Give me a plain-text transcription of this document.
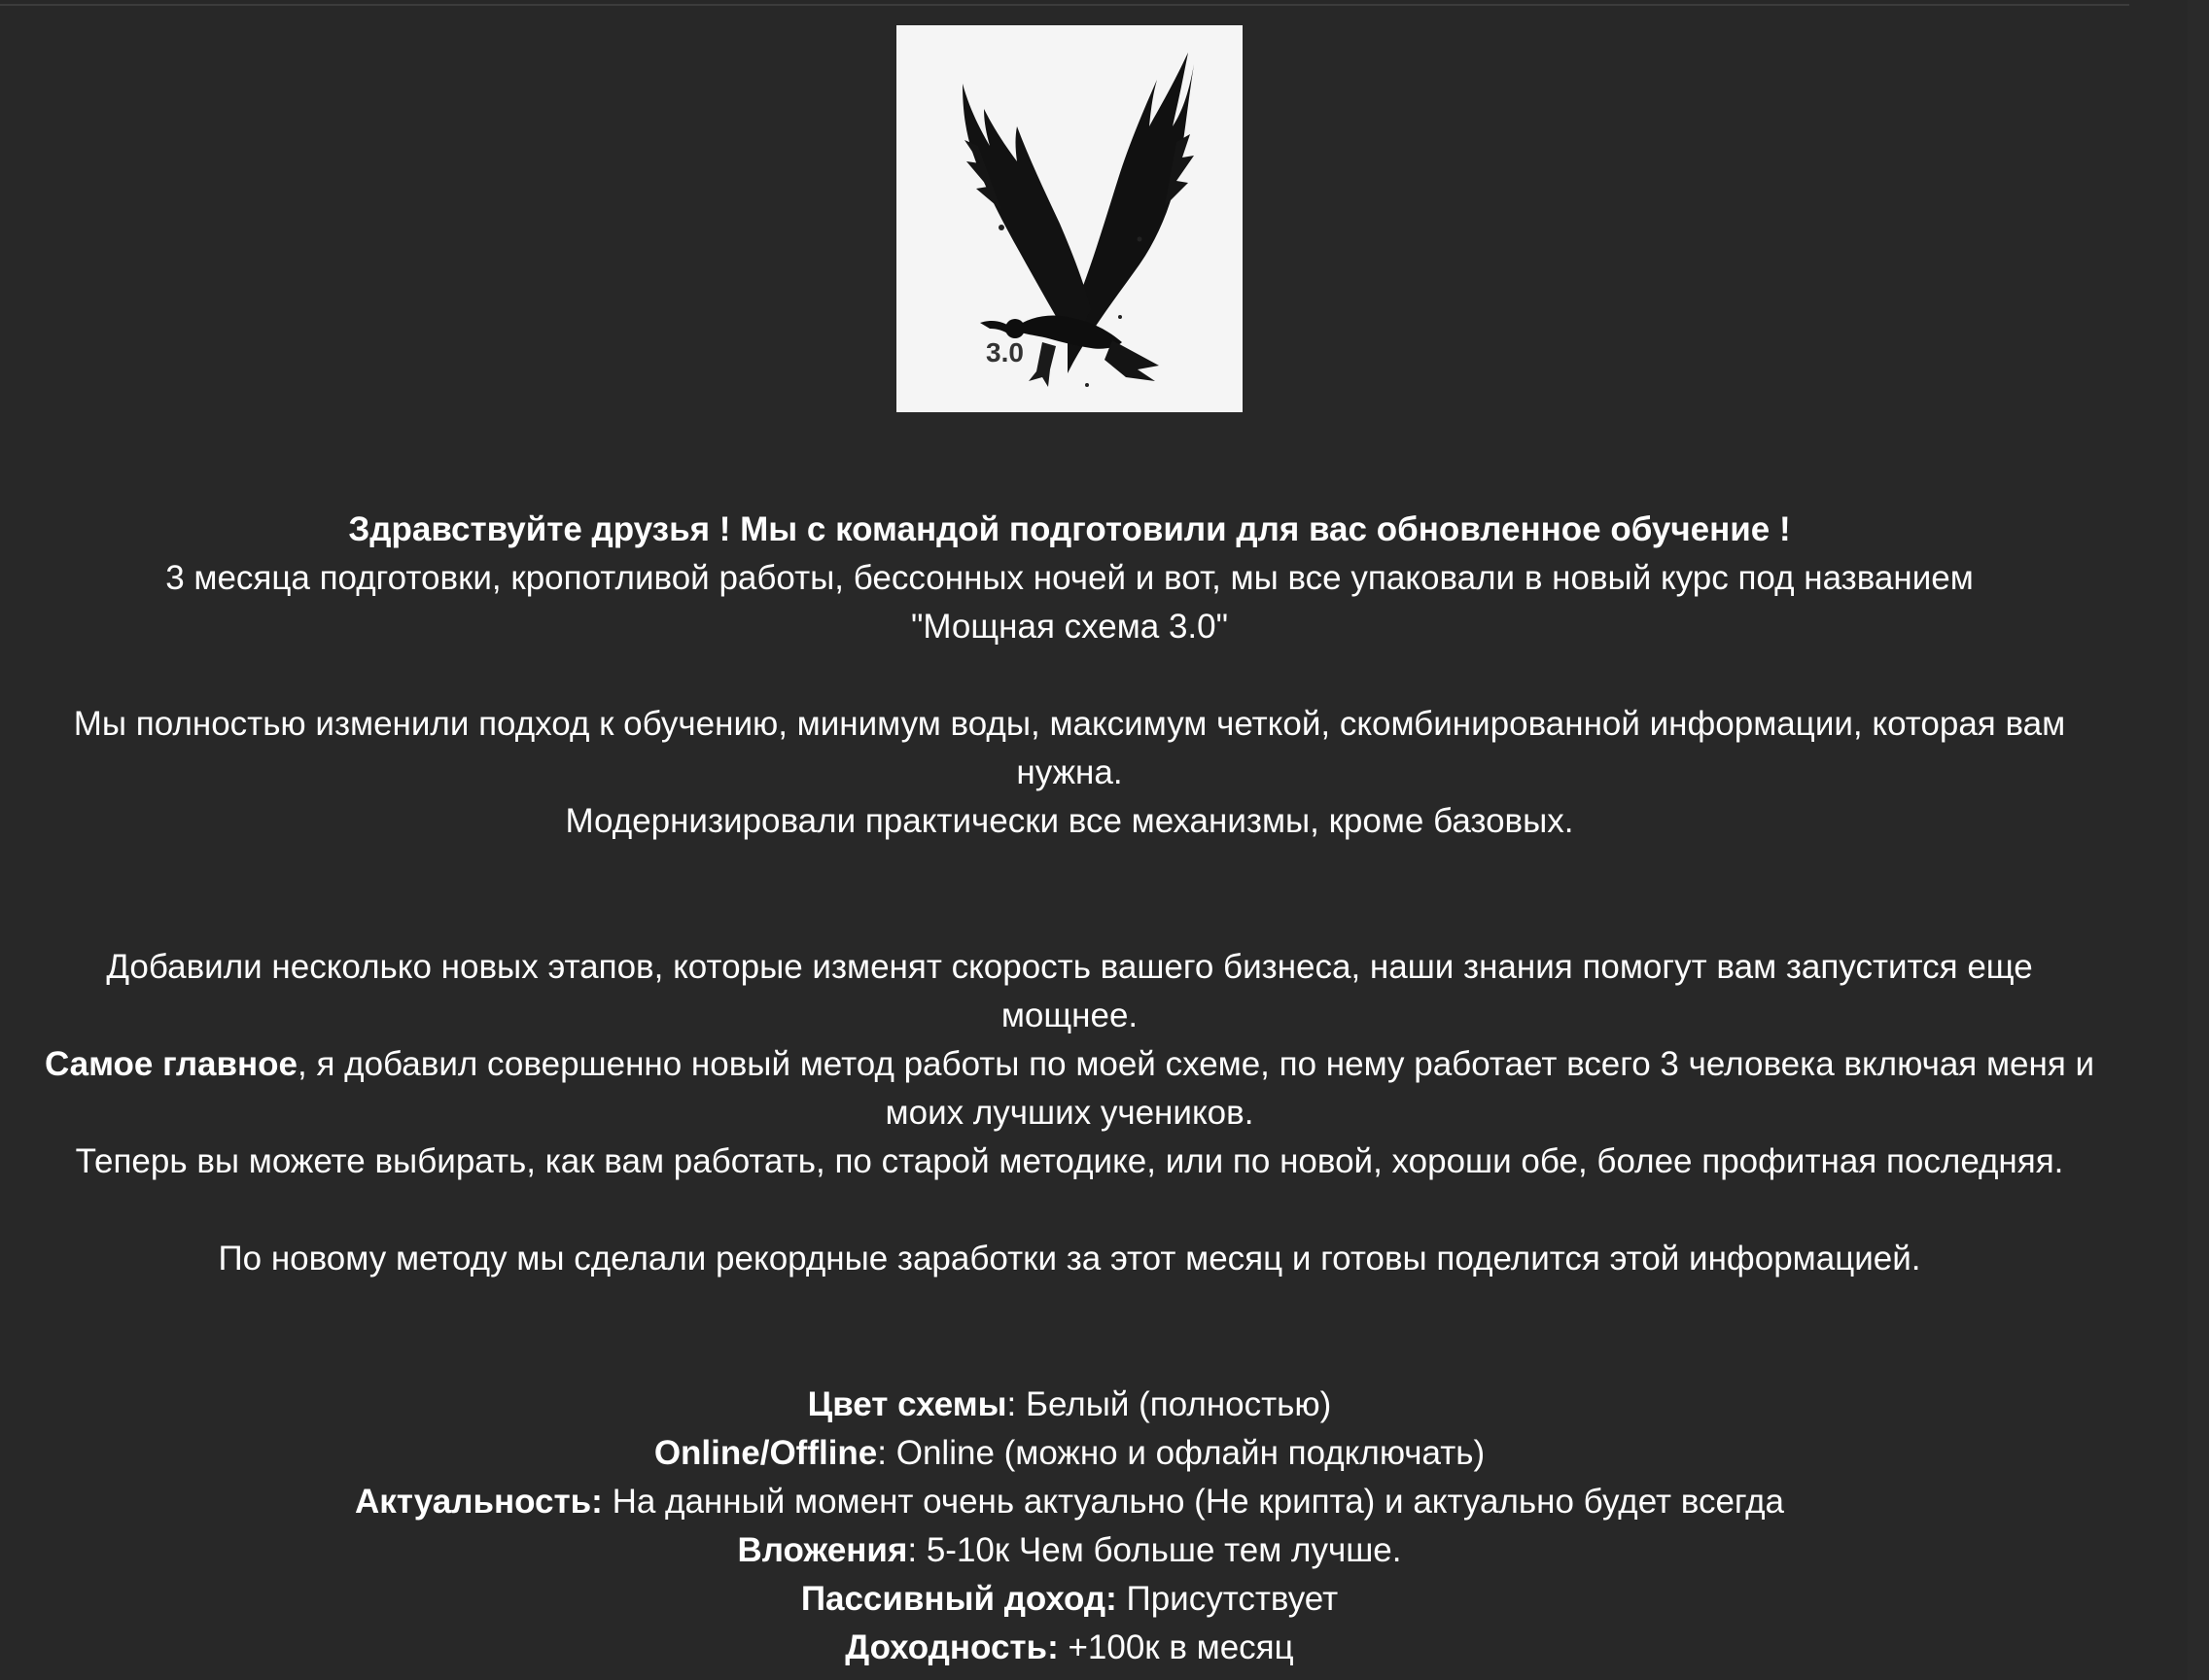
3.0

Здравствуйте друзья ! Мы с командой подготовили для вас обновленное обучение !

3 месяца подготовки, кропотливой работы, бессонных ночей и вот, мы все упаковали в новый курс под названием

"Мощная схема 3.0"

Мы полностью изменили подход к обучению, минимум воды, максимум четкой, скомбинированной информации, которая вам

нужна.

Модернизировали практически все механизмы, кроме базовых.

Добавили несколько новых этапов, которые изменят скорость вашего бизнеса, наши знания помогут вам запустится еще

мощнее.

Самое главное, я добавил совершенно новый метод работы по моей схеме, по нему работает всего 3 человека включая меня и

моих лучших учеников.

Теперь вы можете выбирать, как вам работать, по старой методике, или по новой, хороши обе, более профитная последняя.

По новому методу мы сделали рекордные заработки за этот месяц и готовы поделится этой информацией.

Цвет схемы: Белый (полностью)

Online/Offline: Online (можно и офлайн подключать)

Актуальность: На данный момент очень актуально (Не крипта) и актуально будет всегда

Вложения: 5-10к Чем больше тем лучше.

Пассивный доход: Присутствует

Доходность: +100к в месяц
